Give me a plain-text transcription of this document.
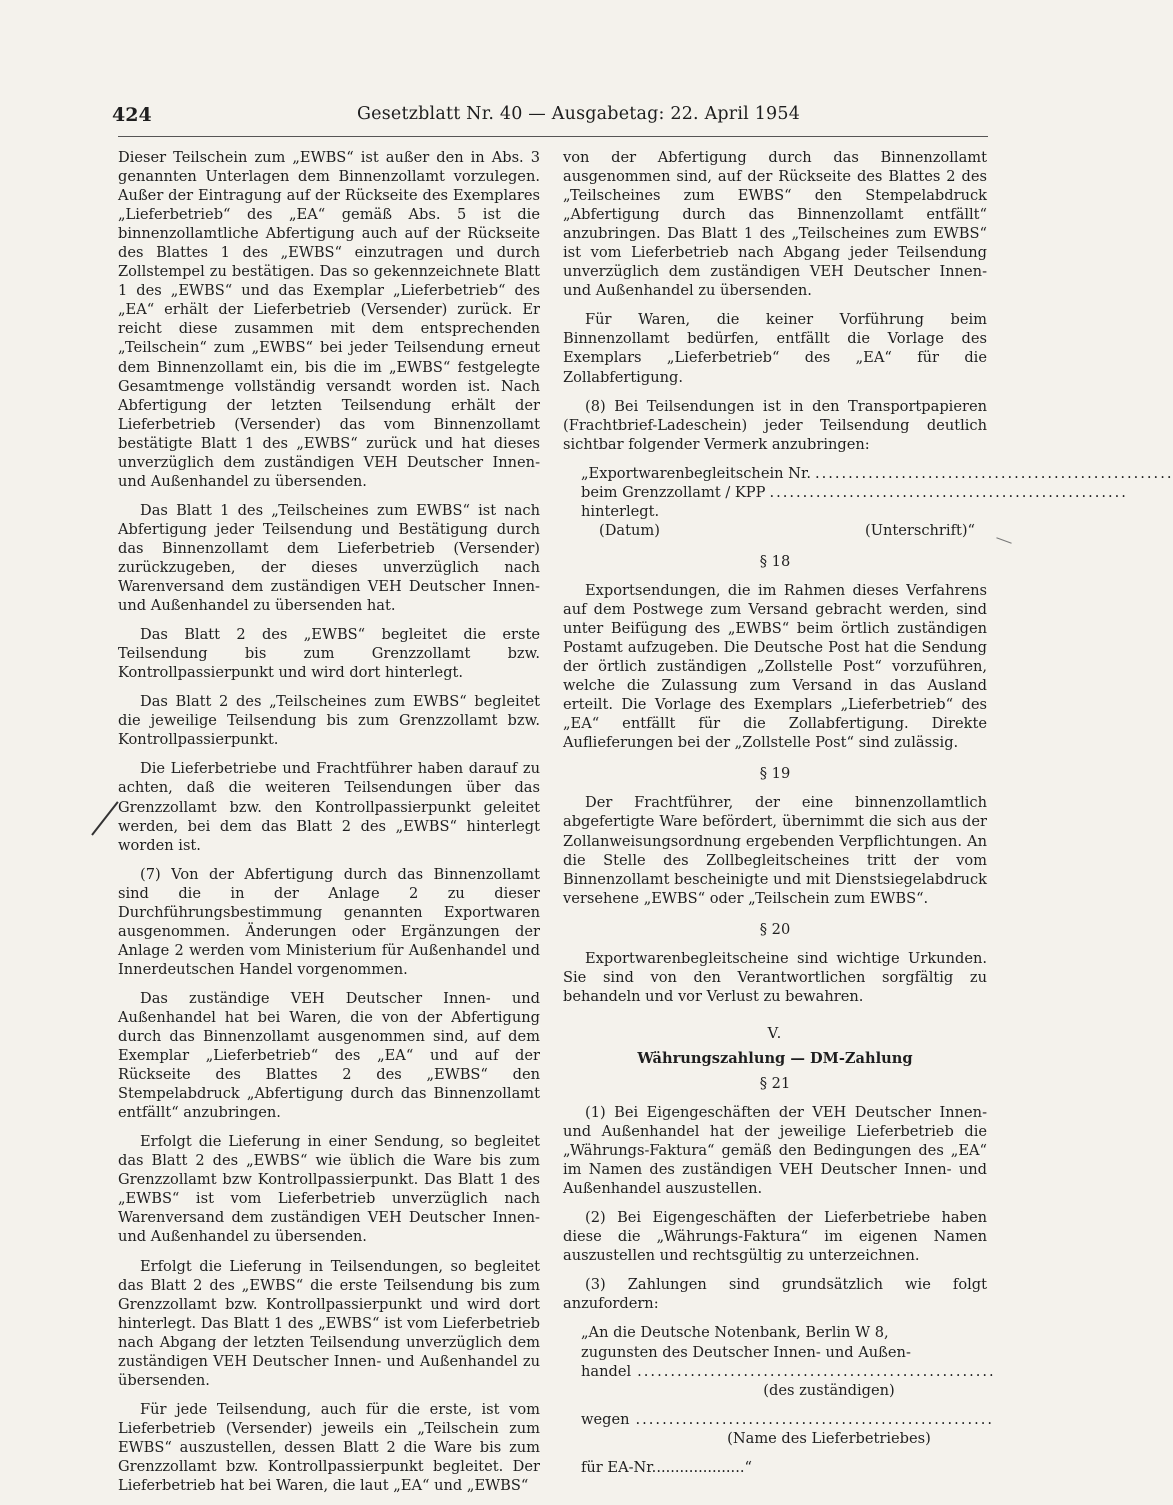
424	Gesetzblatt Nr. 40 — Ausgabetag: 22. April 1954

Dieser Teilschein zum „EWBS“ ist außer den in Abs. 3 genannten Unterlagen dem Binnenzollamt vorzulegen. Außer der Eintragung auf der Rückseite des Exemplares „Lieferbetrieb“ des „EA“ gemäß Abs. 5 ist die binnenzollamtliche Abfertigung auch auf der Rückseite des Blattes 1 des „EWBS“ einzutragen und durch Zollstempel zu bestätigen. Das so gekennzeichnete Blatt 1 des „EWBS“ und das Exemplar „Lieferbetrieb“ des „EA“ erhält der Lieferbetrieb (Versender) zurück. Er reicht diese zusammen mit dem entsprechenden „Teilschein“ zum „EWBS“ bei jeder Teilsendung erneut dem Binnenzollamt ein, bis die im „EWBS“ festgelegte Gesamtmenge vollständig versandt worden ist. Nach Abfertigung der letzten Teilsendung erhält der Lieferbetrieb (Versender) das vom Binnenzollamt bestätigte Blatt 1 des „EWBS“ zurück und hat dieses unverzüglich dem zuständigen VEH Deutscher Innen- und Außenhandel zu übersenden.

Das Blatt 1 des „Teilscheines zum EWBS“ ist nach Abfertigung jeder Teilsendung und Bestätigung durch das Binnenzollamt dem Lieferbetrieb (Versender) zurückzugeben, der dieses unverzüglich nach Warenversand dem zuständigen VEH Deutscher Innen- und Außenhandel zu übersenden hat.

Das Blatt 2 des „EWBS“ begleitet die erste Teilsendung bis zum Grenzzollamt bzw. Kontrollpassierpunkt und wird dort hinterlegt.

Das Blatt 2 des „Teilscheines zum EWBS“ begleitet die jeweilige Teilsendung bis zum Grenzzollamt bzw. Kontrollpassierpunkt.

Die Lieferbetriebe und Frachtführer haben darauf zu achten, daß die weiteren Teilsendungen über das Grenzzollamt bzw. den Kontrollpassierpunkt geleitet werden, bei dem das Blatt 2 des „EWBS“ hinterlegt worden ist.

(7) Von der Abfertigung durch das Binnenzollamt sind die in der Anlage 2 zu dieser Durchführungsbestimmung genannten Exportwaren ausgenommen. Änderungen oder Ergänzungen der Anlage 2 werden vom Ministerium für Außenhandel und Innerdeutschen Handel vorgenommen.

Das zuständige VEH Deutscher Innen- und Außenhandel hat bei Waren, die von der Abfertigung durch das Binnenzollamt ausgenommen sind, auf dem Exemplar „Lieferbetrieb“ des „EA“ und auf der Rückseite des Blattes 2 des „EWBS“ den Stempelabdruck „Abfertigung durch das Binnenzollamt entfällt“ anzubringen.

Erfolgt die Lieferung in einer Sendung, so begleitet das Blatt 2 des „EWBS“ wie üblich die Ware bis zum Grenzzollamt bzw Kontrollpassierpunkt. Das Blatt 1 des „EWBS“ ist vom Lieferbetrieb unverzüglich nach Warenversand dem zuständigen VEH Deutscher Innen- und Außenhandel zu übersenden.

Erfolgt die Lieferung in Teilsendungen, so begleitet das Blatt 2 des „EWBS“ die erste Teilsendung bis zum Grenzzollamt bzw. Kontrollpassierpunkt und wird dort hinterlegt. Das Blatt 1 des „EWBS“ ist vom Lieferbetrieb nach Abgang der letzten Teilsendung unverzüglich dem zuständigen VEH Deutscher Innen- und Außenhandel zu übersenden.

Für jede Teilsendung, auch für die erste, ist vom Lieferbetrieb (Versender) jeweils ein „Teilschein zum EWBS“ auszustellen, dessen Blatt 2 die Ware bis zum Grenzzollamt bzw. Kontrollpassierpunkt begleitet. Der Lieferbetrieb hat bei Waren, die laut „EA“ und „EWBS“

von der Abfertigung durch das Binnenzollamt ausgenommen sind, auf der Rückseite des Blattes 2 des „Teilscheines zum EWBS“ den Stempelabdruck „Abfertigung durch das Binnenzollamt entfällt“ anzubringen. Das Blatt 1 des „Teilscheines zum EWBS“ ist vom Lieferbetrieb nach Abgang jeder Teilsendung unverzüglich dem zuständigen VEH Deutscher Innen- und Außenhandel zu übersenden.

Für Waren, die keiner Vorführung beim Binnenzollamt bedürfen, entfällt die Vorlage des Exemplars „Lieferbetrieb“ des „EA“ für die Zollabfertigung.

(8) Bei Teilsendungen ist in den Transportpapieren (Frachtbrief-Ladeschein) jeder Teilsendung deutlich sichtbar folgender Vermerk anzubringen:

„Exportwarenbegleitschein Nr. ......................................................
beim Grenzzollamt / KPP ......................................................
hinterlegt.
(Datum)	(Unterschrift)“
§ 18

Exportsendungen, die im Rahmen dieses Verfahrens auf dem Postwege zum Versand gebracht werden, sind unter Beifügung des „EWBS“ beim örtlich zuständigen Postamt aufzugeben. Die Deutsche Post hat die Sendung der örtlich zuständigen „Zollstelle Post“ vorzuführen, welche die Zulassung zum Versand in das Ausland erteilt. Die Vorlage des Exemplars „Lieferbetrieb“ des „EA“ entfällt für die Zollabfertigung. Direkte Auflieferungen bei der „Zollstelle Post“ sind zulässig.

§ 19

Der Frachtführer, der eine binnenzollamtlich abgefertigte Ware befördert, übernimmt die sich aus der Zollanweisungsordnung ergebenden Verpflichtungen. An die Stelle des Zollbegleitscheines tritt der vom Binnenzollamt bescheinigte und mit Dienstsiegelabdruck versehene „EWBS“ oder „Teilschein zum EWBS“.

§ 20

Exportwarenbegleitscheine sind wichtige Urkunden. Sie sind von den Verantwortlichen sorgfältig zu behandeln und vor Verlust zu bewahren.

V.
Währungszahlung — DM-Zahlung
§ 21

(1) Bei Eigengeschäften der VEH Deutscher Innen- und Außenhandel hat der jeweilige Lieferbetrieb die „Währungs-Faktura“ gemäß den Bedingungen des „EA“ im Namen des zuständigen VEH Deutscher Innen- und Außenhandel auszustellen.

(2) Bei Eigengeschäften der Lieferbetriebe haben diese die „Währungs-Faktura“ im eigenen Namen auszustellen und rechtsgültig zu unterzeichnen.

(3) Zahlungen sind grundsätzlich wie folgt anzufordern:

„An die Deutsche Notenbank, Berlin W 8,
zugunsten des Deutscher Innen- und Außen-
handel ......................................................
(des zuständigen)
wegen ......................................................
(Name des Lieferbetriebes)
für EA-Nr....................“
